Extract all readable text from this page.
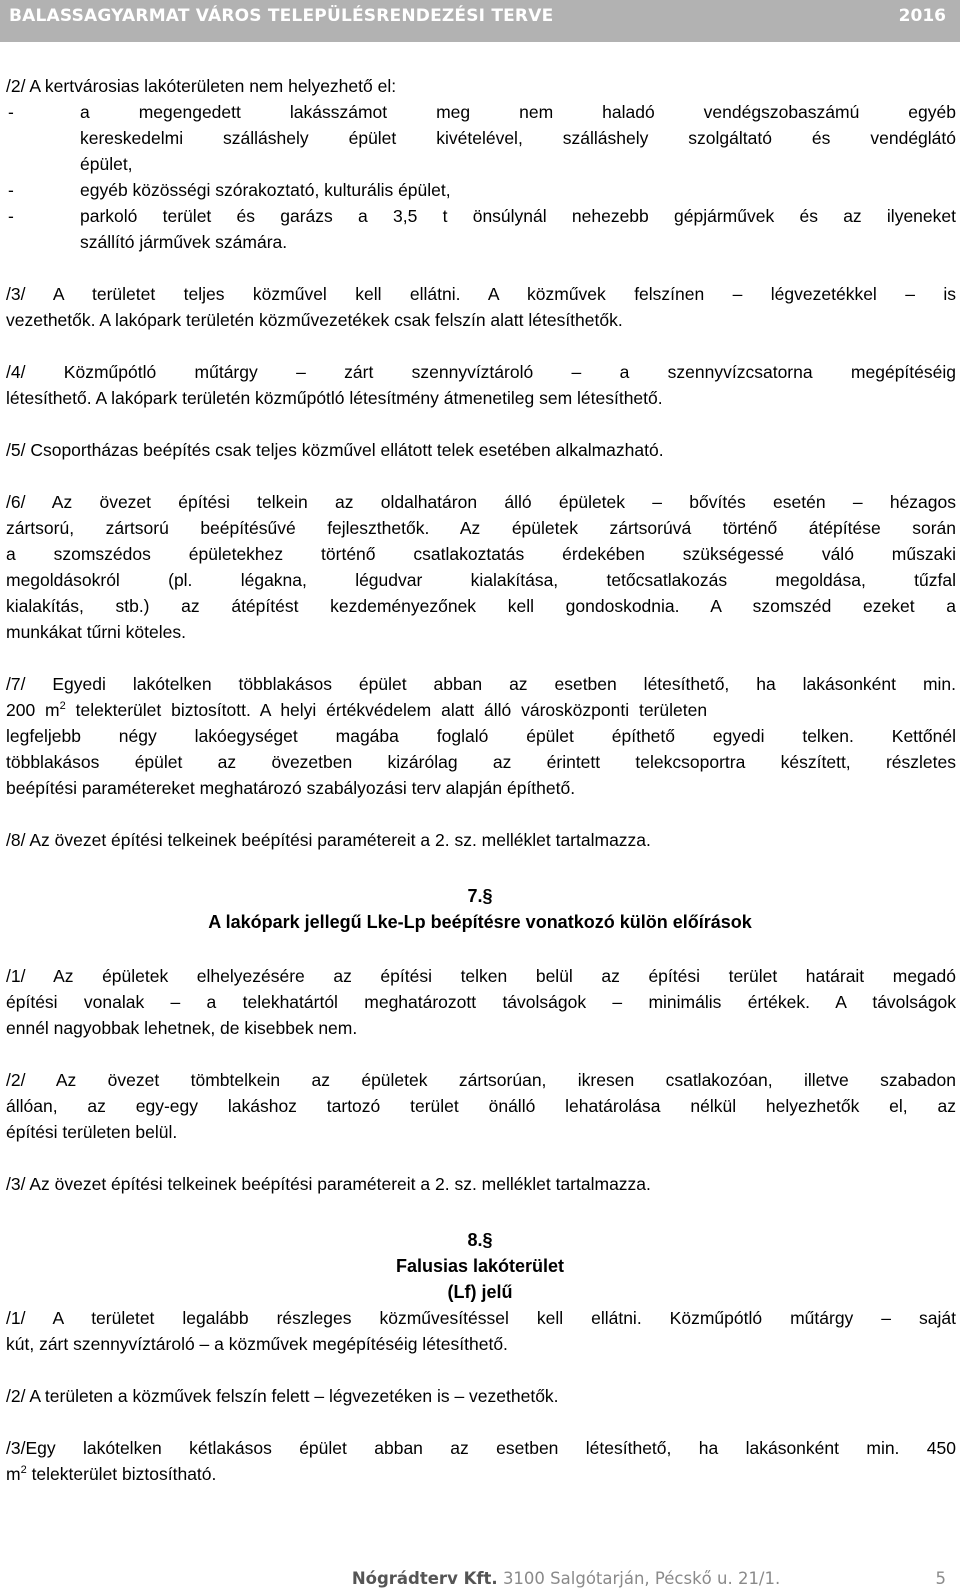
BALASSAGYARMAT VÁROS TELEPÜLÉSRENDEZÉSI TERVE	2016
/2/ A kertvárosias lakóterületen nem helyezhető el:
-	a megengedett lakásszámot meg nem haladó vendégszobaszámú egyéb
kereskedelmi szálláshely épület kivételével, szálláshely szolgáltató és vendéglátó
épület,
-	egyéb közösségi szórakoztató, kulturális épület,
-	parkoló terület és garázs a 3,5 t önsúlynál nehezebb gépjárművek és az ilyeneket
szállító járművek számára.
/3/ A területet teljes közművel kell ellátni. A közművek felszínen – légvezetékkel – is
vezethetők. A lakópark területén közművezetékek csak felszín alatt létesíthetők.
/4/ Közműpótló műtárgy – zárt szennyvíztároló – a szennyvízcsatorna megépítéséig
létesíthető. A lakópark területén közműpótló létesítmény átmenetileg sem létesíthető.
/5/ Csoportházas beépítés csak teljes közművel ellátott telek esetében alkalmazható.
/6/ Az övezet építési telkein az oldalhatáron álló épületek – bővítés esetén – hézagos
zártsorú, zártsorú beépítésűvé fejleszthetők. Az épületek zártsorúvá történő átépítése során
a szomszédos épületekhez történő csatlakoztatás érdekében szükségessé váló műszaki
megoldásokról (pl. légakna, légudvar kialakítása, tetőcsatlakozás megoldása, tűzfal
kialakítás, stb.) az átépítést kezdeményezőnek kell gondoskodnia. A szomszéd ezeket a
munkákat tűrni köteles.
/7/ Egyedi lakótelken többlakásos épület abban az esetben létesíthető, ha lakásonként min.
200 $m^2$ telekterület biztosított. A helyi értékvédelem alatt álló városközponti területen
legfeljebb négy lakóegységet magába foglaló épület építhető egyedi telken. Kettőnél
többlakásos épület az övezetben kizárólag az érintett telekcsoportra készített, részletes
beépítési paramétereket meghatározó szabályozási terv alapján építhető.
/8/ Az övezet építési telkeinek beépítési paramétereit a 2. sz. melléklet tartalmazza.
7.§
A lakópark jellegű Lke-Lp beépítésre vonatkozó külön előírások
/1/ Az épületek elhelyezésére az építési telken belül az építési terület határait megadó
építési vonalak – a telekhatártól meghatározott távolságok – minimális értékek. A távolságok
ennél nagyobbak lehetnek, de kisebbek nem.
/2/ Az övezet tömbtelkein az épületek zártsorúan, ikresen csatlakozóan, illetve szabadon
állóan, az egy-egy lakáshoz tartozó terület önálló lehatárolása nélkül helyezhetők el, az
építési területen belül.
/3/ Az övezet építési telkeinek beépítési paramétereit a 2. sz. melléklet tartalmazza.
8.§
Falusias lakóterület
(Lf) jelű
/1/ A területet legalább részleges közművesítéssel kell ellátni. Közműpótló műtárgy – saját
kút, zárt szennyvíztároló – a közművek megépítéséig létesíthető.
/2/ A területen a közművek felszín felett – légvezetéken is – vezethetők.
/3/Egy lakótelken kétlakásos épület abban az esetben létesíthető, ha lakásonként min. 450
$m^2$ telekterület biztosítható.
Nógrádterv Kft. 3100 Salgótarján, Pécskő u. 21/1.	5
